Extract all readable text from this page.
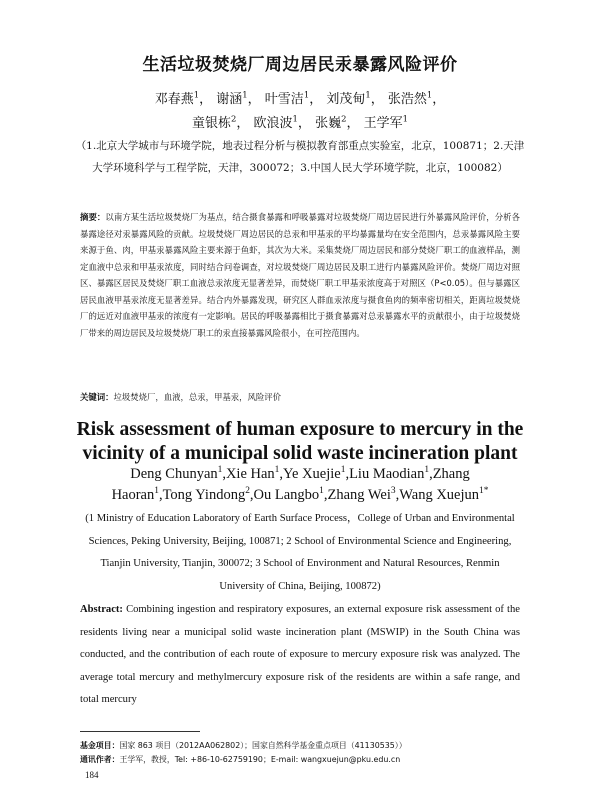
生活垃圾焚烧厂周边居民汞暴露风险评价
邓春燕$^1$， 谢涵$^1$， 叶雪洁$^1$， 刘茂甸$^1$， 张浩然$^1$，
童银栋$^2$， 欧浪波$^1$， 张巍$^2$， 王学军$^1$
（1.北京大学城市与环境学院，地表过程分析与模拟教育部重点实验室，北京，100871；2.天津大学环境科学与工程学院，天津，300072；3.中国人民大学环境学院，北京，100082）
摘要：以南方某生活垃圾焚烧厂为基点，结合摄食暴露和呼吸暴露对垃圾焚烧厂周边居民进行外暴露风险评价，分析各暴露途径对汞暴露风险的贡献。垃圾焚烧厂周边居民的总汞和甲基汞的平均暴露量均在安全范围内，总汞暴露风险主要来源于鱼、肉，甲基汞暴露风险主要来源于鱼虾，其次为大米。采集焚烧厂周边居民和部分焚烧厂职工的血液样品，测定血液中总汞和甲基汞浓度，同时结合问卷调查，对垃圾焚烧厂周边居民及职工进行内暴露风险评价。焚烧厂周边对照区、暴露区居民及焚烧厂职工血液总汞浓度无显著差异，而焚烧厂职工甲基汞浓度高于对照区（P<0.05）。但与暴露区居民血液甲基汞浓度无显著差异。结合内外暴露发现，研究区人群血汞浓度与摄食鱼肉的频率密切相关，距离垃圾焚烧厂的远近对血液甲基汞的浓度有一定影响。居民的呼吸暴露相比于摄食暴露对总汞暴露水平的贡献很小，由于垃圾焚烧厂带来的周边居民及垃圾焚烧厂职工的汞直接暴露风险很小，在可控范围内。
关键词：垃圾焚烧厂，血液，总汞，甲基汞，风险评价
Risk assessment of human exposure to mercury in the vicinity of a municipal solid waste incineration plant
Deng Chunyan$^1$,Xie Han$^1$,Ye Xuejie$^1$,Liu Maodian$^1$,Zhang Haoran$^1$,Tong Yindong$^2$,Ou Langbo$^1$,Zhang Wei$^3$,Wang Xuejun$^{1*}$
(1 Ministry of Education Laboratory of Earth Surface Process，College of Urban and Environmental Sciences, Peking University, Beijing, 100871; 2 School of Environmental Science and Engineering, Tianjin University, Tianjin, 300072; 3 School of Environment and Natural Resources, Renmin University of China, Beijing, 100872)
Abstract: Combining ingestion and respiratory exposures, an external exposure risk assessment of the residents living near a municipal solid waste incineration plant (MSWIP) in the South China was conducted, and the contribution of each route of exposure to mercury exposure risk was analyzed. The average total mercury and methylmercury exposure risk of the residents are within a safe range, and total mercury
基金项目：国家 863 项目（2012AA062802）；国家自然科学基金重点项目（41130535））
通讯作者：王学军，教授，Tel: +86-10-62759190；E-mail: wangxuejun@pku.edu.cn
184
